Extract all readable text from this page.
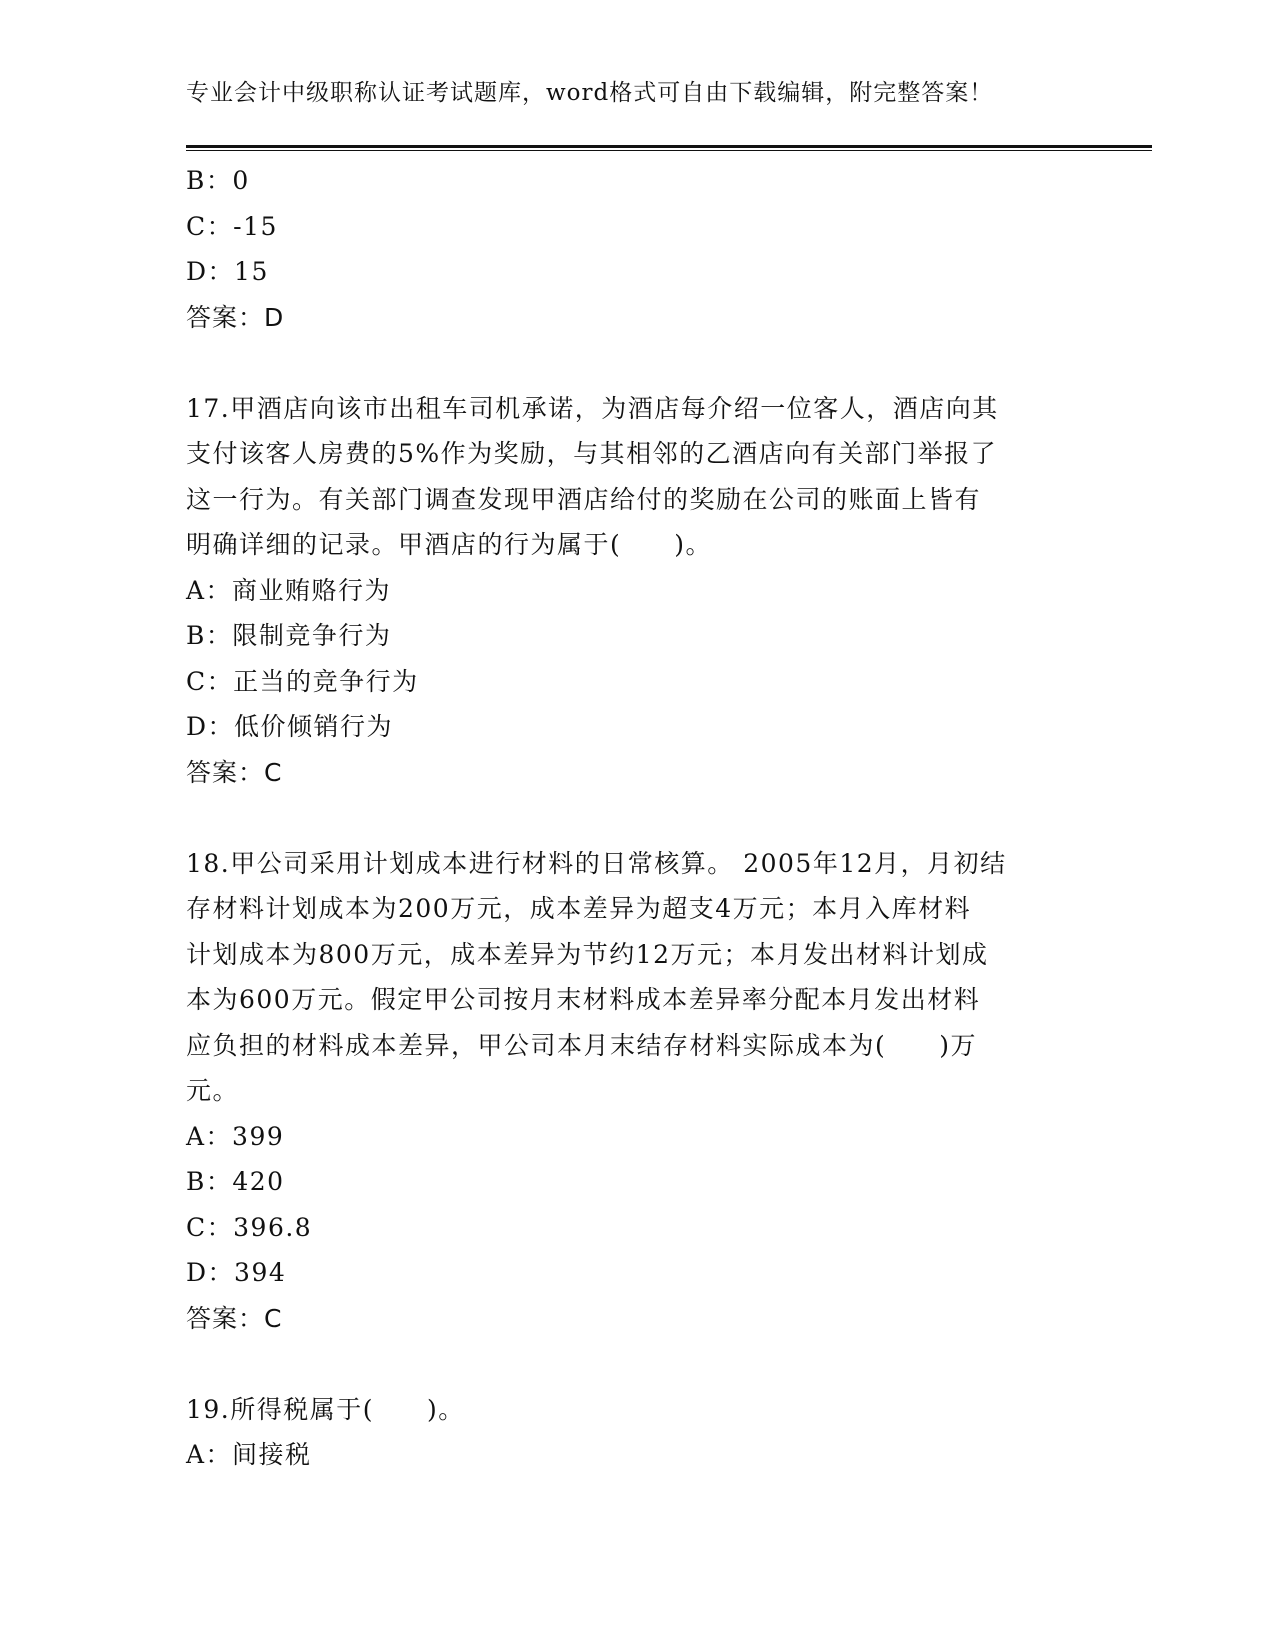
专业会计中级职称认证考试题库，word格式可自由下载编辑，附完整答案！
B：0
C：-15
D：15
答案：D
17.甲酒店向该市出租车司机承诺，为酒店每介绍一位客人，酒店向其
支付该客人房费的5%作为奖励，与其相邻的乙酒店向有关部门举报了
这一行为。有关部门调查发现甲酒店给付的奖励在公司的账面上皆有
明确详细的记录。甲酒店的行为属于(　　)。
A：商业贿赂行为
B：限制竞争行为
C：正当的竞争行为
D：低价倾销行为
答案：C
18.甲公司采用计划成本进行材料的日常核算。 2005年12月，月初结
存材料计划成本为200万元，成本差异为超支4万元；本月入库材料
计划成本为800万元，成本差异为节约12万元；本月发出材料计划成
本为600万元。假定甲公司按月末材料成本差异率分配本月发出材料
应负担的材料成本差异，甲公司本月末结存材料实际成本为(　　)万
元。
A：399
B：420
C：396.8
D：394
答案：C
19.所得税属于(　　)。
A：间接税
